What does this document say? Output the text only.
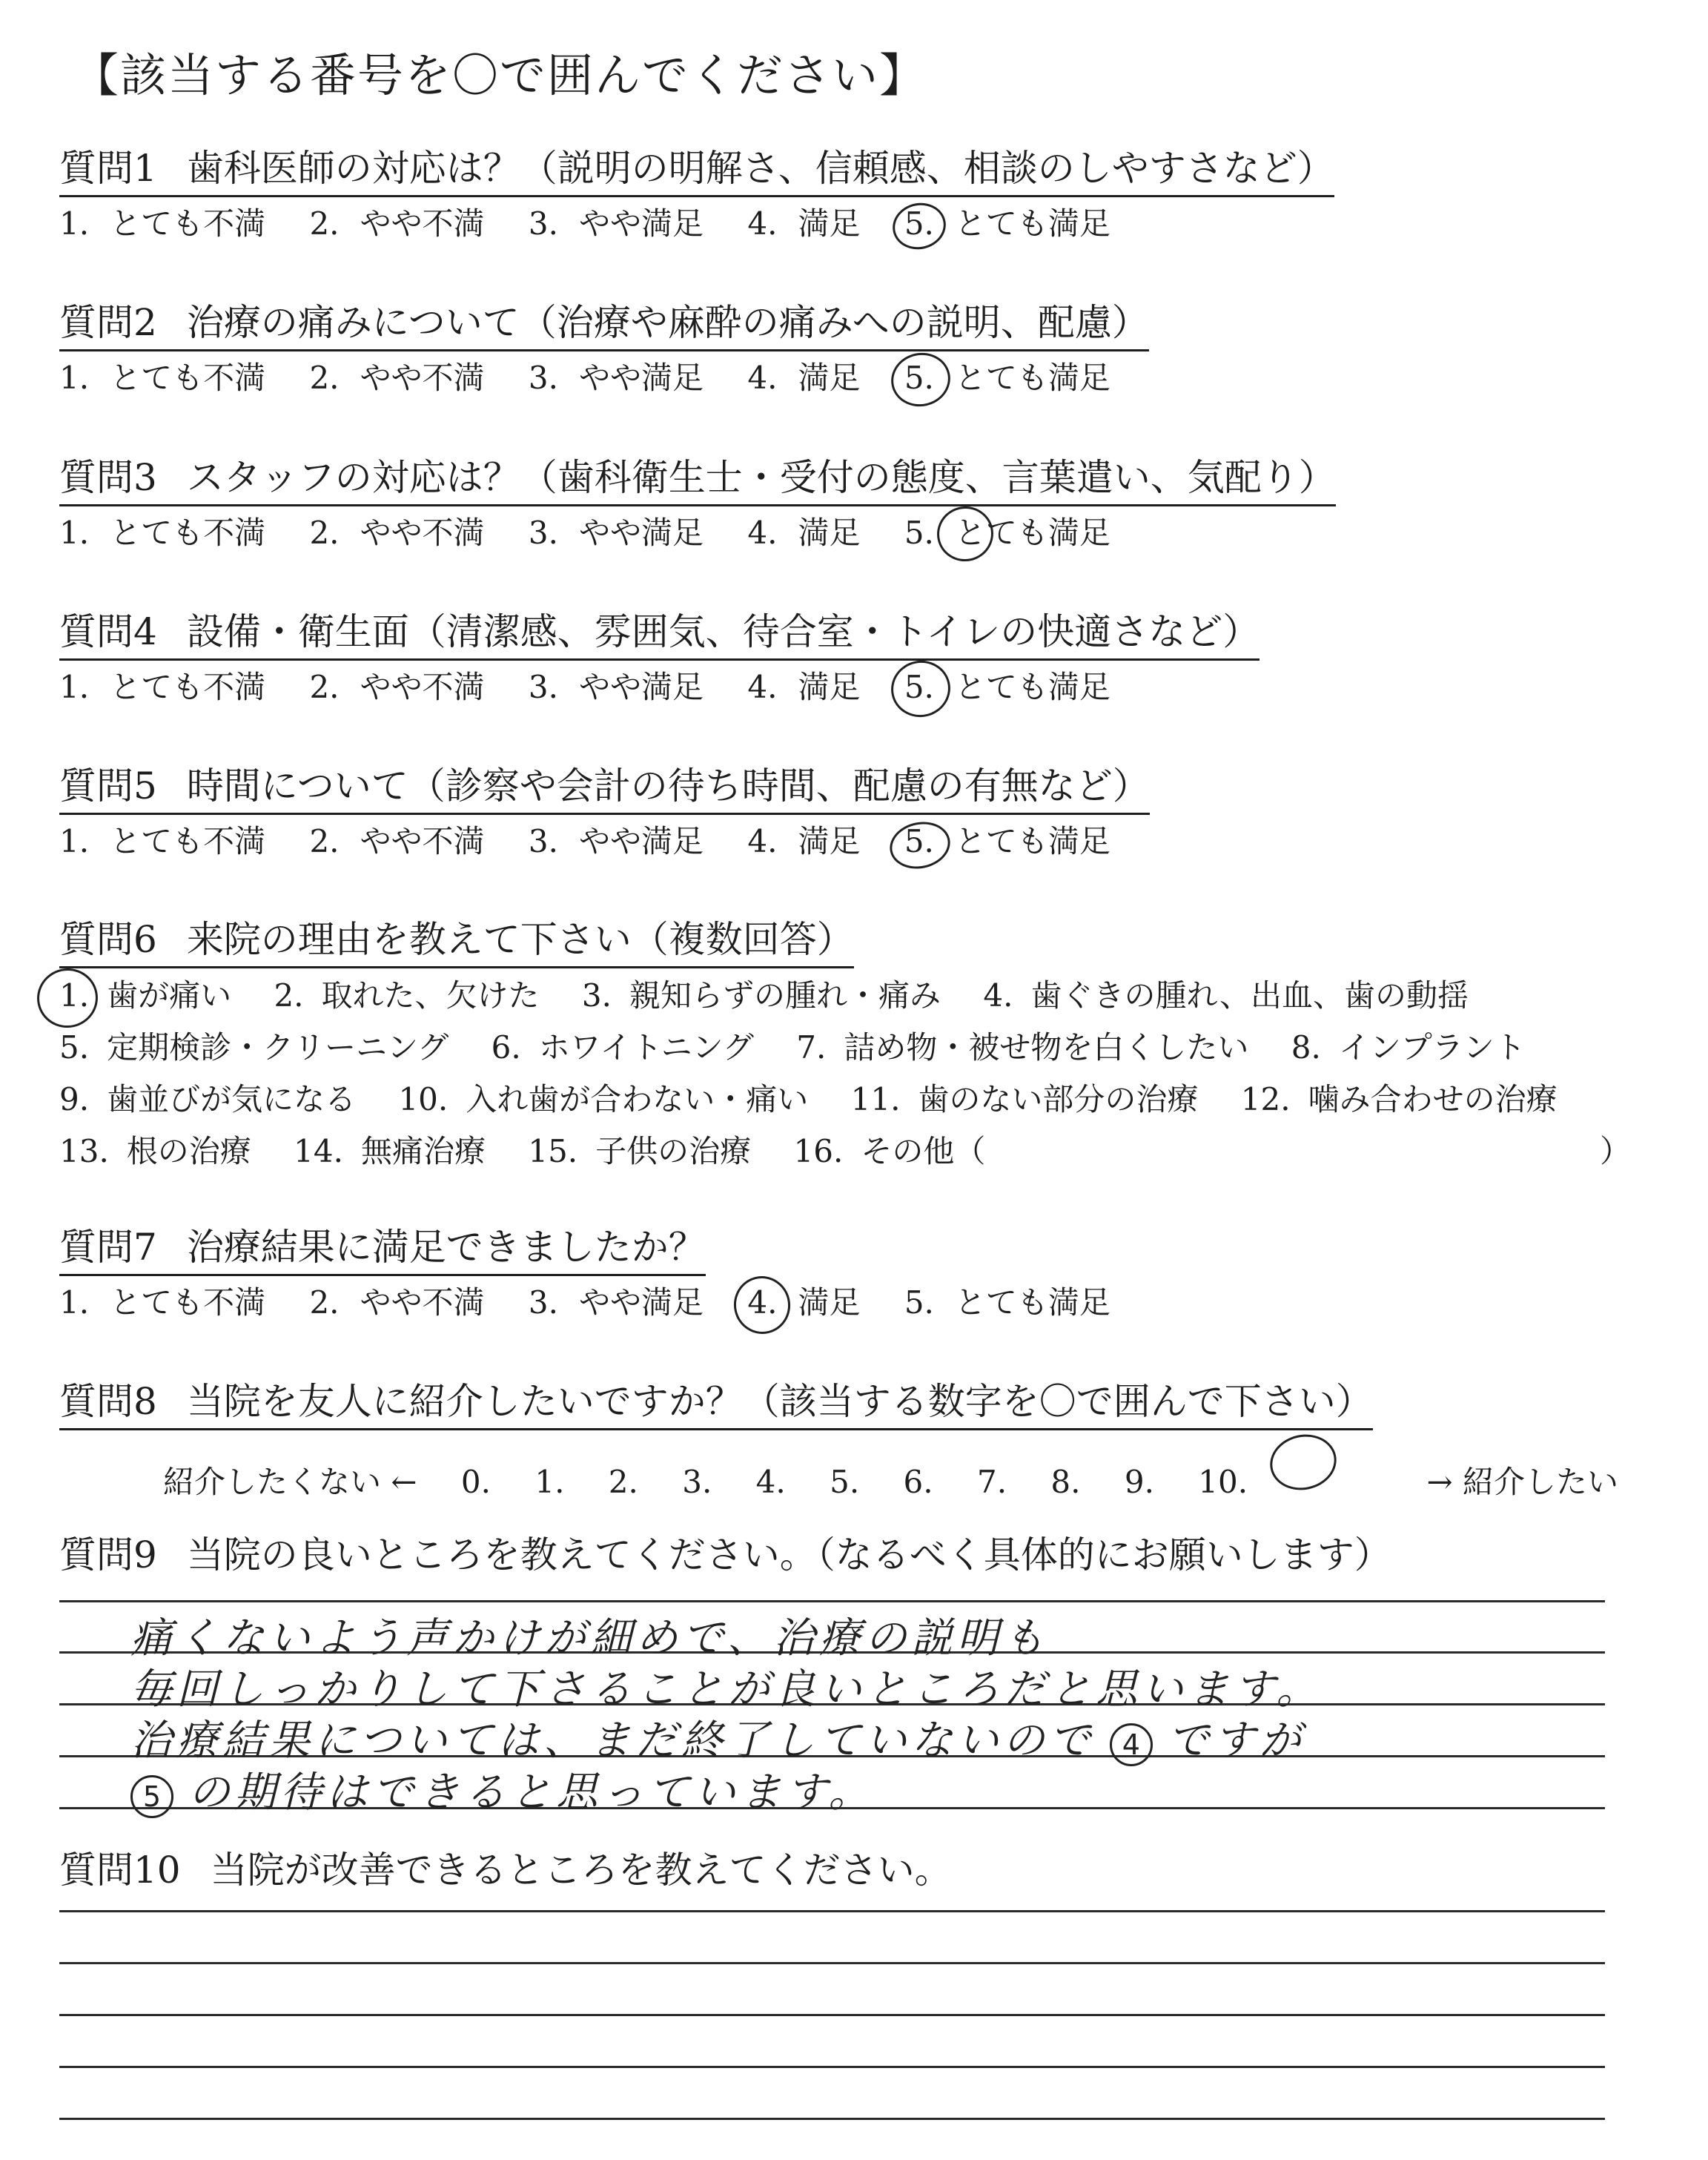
【該当する番号を〇で囲んでください】
質問1 歯科医師の対応は？（説明の明解さ、信頼感、相談のしやすさなど）
1. とても不満 2. やや不満 3. やや満足 4. 満足 5. とても満足
質問2 治療の痛みについて（治療や麻酔の痛みへの説明、配慮）
1. とても不満 2. やや不満 3. やや満足 4. 満足 5. とても満足
質問3 スタッフの対応は？（歯科衛生士・受付の態度、言葉遣い、気配り）
1. とても不満 2. やや不満 3. やや満足 4. 満足 5. とても満足
質問4 設備・衛生面（清潔感、雰囲気、待合室・トイレの快適さなど）
1. とても不満 2. やや不満 3. やや満足 4. 満足 5. とても満足
質問5 時間について（診察や会計の待ち時間、配慮の有無など）
1. とても不満 2. やや不満 3. やや満足 4. 満足 5. とても満足
質問6 来院の理由を教えて下さい（複数回答）
1. 歯が痛い 2. 取れた、欠けた 3. 親知らずの腫れ・痛み 4. 歯ぐきの腫れ、出血、歯の動揺
5. 定期検診・クリーニング 6. ホワイトニング 7. 詰め物・被せ物を白くしたい 8. インプラント
9. 歯並びが気になる 10. 入れ歯が合わない・痛い 11. 歯のない部分の治療 12. 噛み合わせの治療
13. 根の治療 14. 無痛治療 15. 子供の治療 16. その他（	）
質問7 治療結果に満足できましたか？
1. とても不満 2. やや不満 3. やや満足 4. 満足 5. とても満足
質問8 当院を友人に紹介したいですか？（該当する数字を〇で囲んで下さい）
紹介したくない ← 0. 1. 2. 3. 4. 5. 6. 7. 8. 9. 10.	→ 紹介したい
質問9 当院の良いところを教えてください。（なるべく具体的にお願いします）
痛くないよう声かけが細めで、治療の説明も
毎回しっかりして下さることが良いところだと思います。
治療結果については、まだ終了していないので 4 ですが
5 の期待はできると思っています。
質問10 当院が改善できるところを教えてください。
